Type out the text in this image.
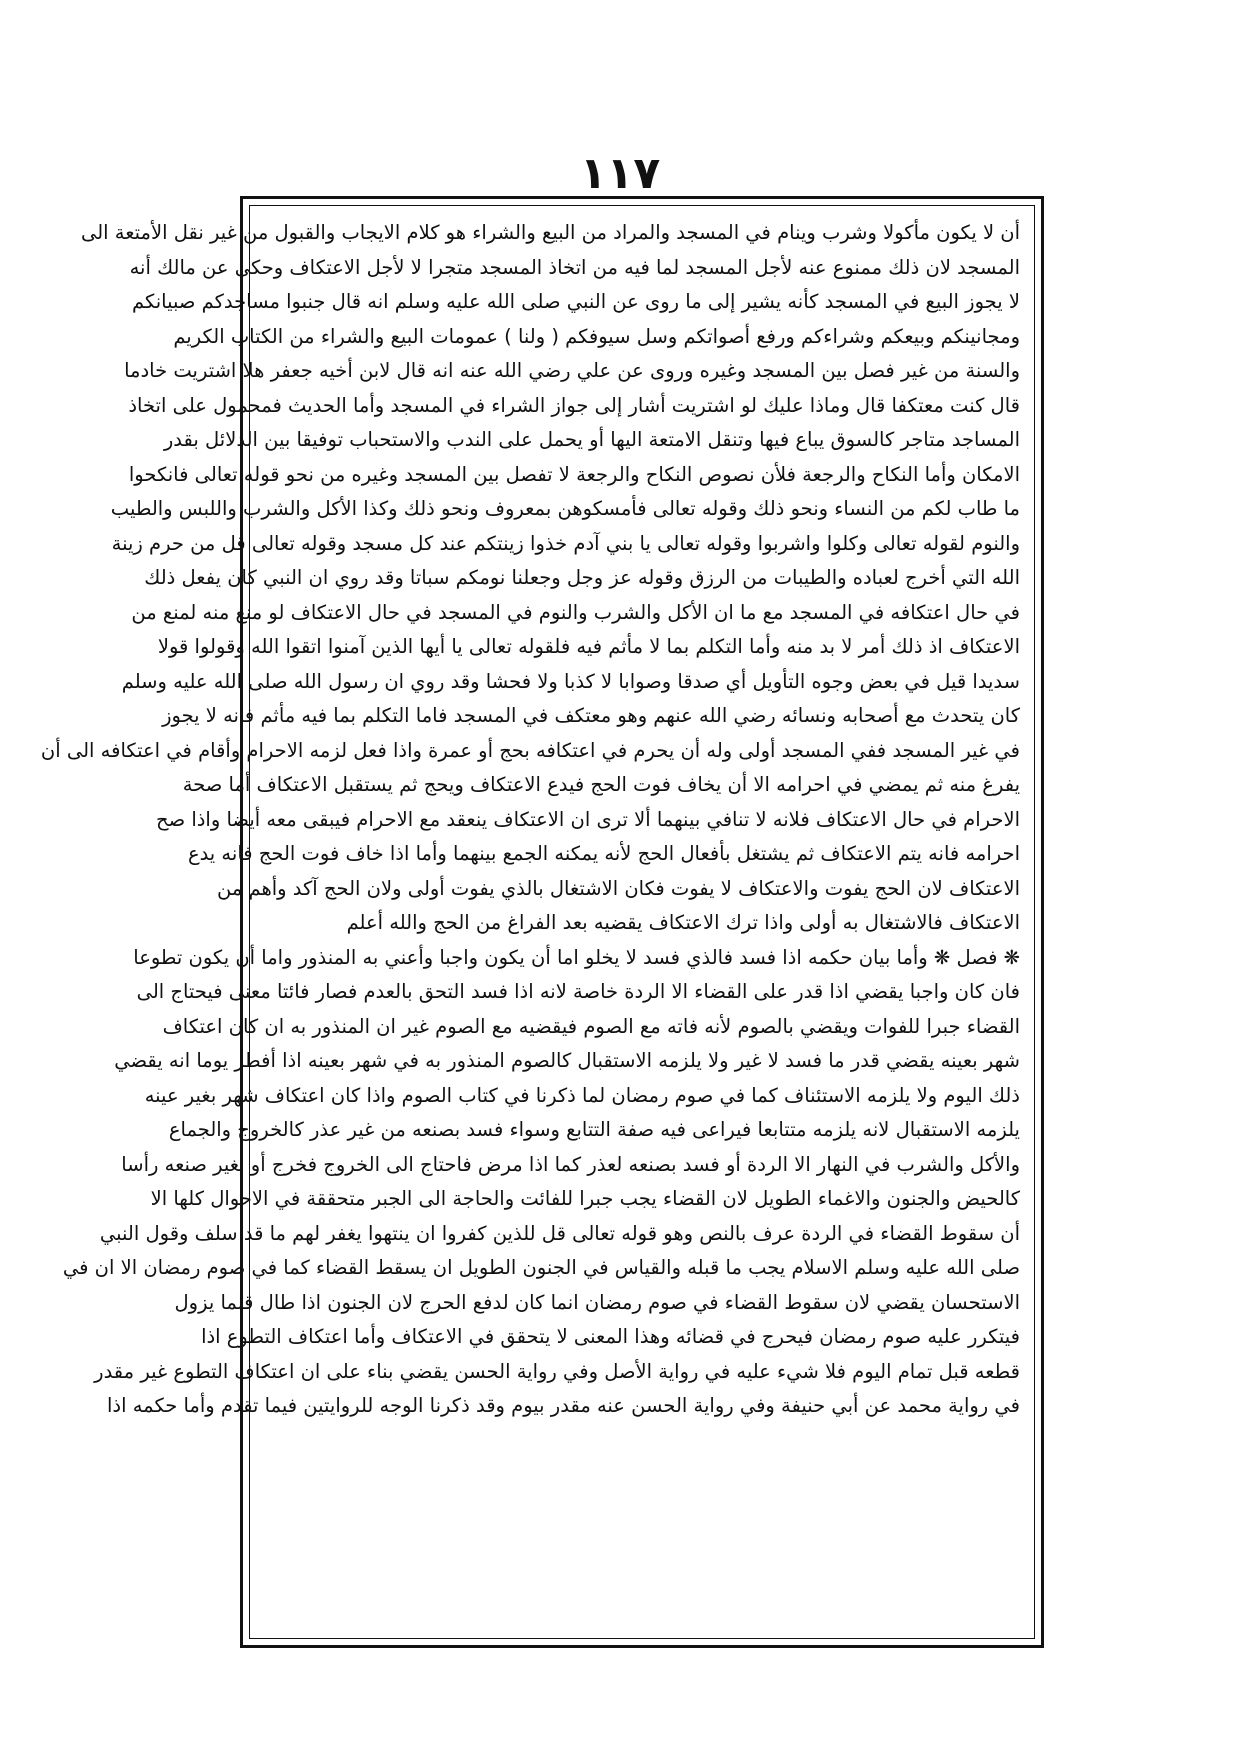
١١٧
أن لا يكون مأكولا وشرب وينام في المسجد والمراد من البيع والشراء هو كلام الايجاب والقبول من غير نقل الأمتعة الى
المسجد لان ذلك ممنوع عنه لأجل المسجد لما فيه من اتخاذ المسجد متجرا لا لأجل الاعتكاف وحكى عن مالك أنه
لا يجوز البيع في المسجد كأنه يشير إلى ما روى عن النبي صلى الله عليه وسلم انه قال جنبوا مساجدكم صبيانكم
ومجانينكم وبيعكم وشراءكم ورفع أصواتكم وسل سيوفكم ( ولنا ) عمومات البيع والشراء من الكتاب الكريم
والسنة من غير فصل بين المسجد وغيره وروى عن علي رضي الله عنه انه قال لابن أخيه جعفر هلا اشتريت خادما
قال كنت معتكفا قال وماذا عليك لو اشتريت أشار إلى جواز الشراء في المسجد وأما الحديث فمحمول على اتخاذ
المساجد متاجر كالسوق يباع فيها وتنقل الامتعة اليها أو يحمل على الندب والاستحباب توفيقا بين الدلائل بقدر
الامكان وأما النكاح والرجعة فلأن نصوص النكاح والرجعة لا تفصل بين المسجد وغيره من نحو قوله تعالى فانكحوا
ما طاب لكم من النساء ونحو ذلك وقوله تعالى فأمسكوهن بمعروف ونحو ذلك وكذا الأكل والشرب واللبس والطيب
والنوم لقوله تعالى وكلوا واشربوا وقوله تعالى يا بني آدم خذوا زينتكم عند كل مسجد وقوله تعالى قل من حرم زينة
الله التي أخرج لعباده والطيبات من الرزق وقوله عز وجل وجعلنا نومكم سباتا وقد روي ان النبي كان يفعل ذلك
في حال اعتكافه في المسجد مع ما ان الأكل والشرب والنوم في المسجد في حال الاعتكاف لو منع منه لمنع من
الاعتكاف اذ ذلك أمر لا بد منه وأما التكلم بما لا مأثم فيه فلقوله تعالى يا أيها الذين آمنوا اتقوا الله وقولوا قولا
سديدا قيل في بعض وجوه التأويل أي صدقا وصوابا لا كذبا ولا فحشا وقد روي ان رسول الله صلى الله عليه وسلم
كان يتحدث مع أصحابه ونسائه رضي الله عنهم وهو معتكف في المسجد فاما التكلم بما فيه مأثم فانه لا يجوز
في غير المسجد ففي المسجد أولى وله أن يحرم في اعتكافه بحج أو عمرة واذا فعل لزمه الاحرام وأقام في اعتكافه الى أن
يفرغ منه ثم يمضي في احرامه الا أن يخاف فوت الحج فيدع الاعتكاف ويحج ثم يستقبل الاعتكاف أما صحة
الاحرام في حال الاعتكاف فلانه لا تنافي بينهما ألا ترى ان الاعتكاف ينعقد مع الاحرام فيبقى معه أيضا واذا صح
احرامه فانه يتم الاعتكاف ثم يشتغل بأفعال الحج لأنه يمكنه الجمع بينهما وأما اذا خاف فوت الحج فانه يدع
الاعتكاف لان الحج يفوت والاعتكاف لا يفوت فكان الاشتغال بالذي يفوت أولى ولان الحج آكد وأهم من
الاعتكاف فالاشتغال به أولى واذا ترك الاعتكاف يقضيه بعد الفراغ من الحج والله أعلم
❋ فصل ❋ وأما بيان حكمه اذا فسد فالذي فسد لا يخلو اما أن يكون واجبا وأعني به المنذور واما أن يكون تطوعا
فان كان واجبا يقضي اذا قدر على القضاء الا الردة خاصة لانه اذا فسد التحق بالعدم فصار فائتا معنى فيحتاج الى
القضاء جبرا للفوات ويقضي بالصوم لأنه فاته مع الصوم فيقضيه مع الصوم غير ان المنذور به ان كان اعتكاف
شهر بعينه يقضي قدر ما فسد لا غير ولا يلزمه الاستقبال كالصوم المنذور به في شهر بعينه اذا أفطر يوما انه يقضي
ذلك اليوم ولا يلزمه الاستئناف كما في صوم رمضان لما ذكرنا في كتاب الصوم واذا كان اعتكاف شهر بغير عينه
يلزمه الاستقبال لانه يلزمه متتابعا فيراعى فيه صفة التتابع وسواء فسد بصنعه من غير عذر كالخروج والجماع
والأكل والشرب في النهار الا الردة أو فسد بصنعه لعذر كما اذا مرض فاحتاج الى الخروج فخرج أو بغير صنعه رأسا
كالحيض والجنون والاغماء الطويل لان القضاء يجب جبرا للفائت والحاجة الى الجبر متحققة في الاحوال كلها الا
أن سقوط القضاء في الردة عرف بالنص وهو قوله تعالى قل للذين كفروا ان ينتهوا يغفر لهم ما قد سلف وقول النبي
صلى الله عليه وسلم الاسلام يجب ما قبله والقياس في الجنون الطويل ان يسقط القضاء كما في صوم رمضان الا ان في
الاستحسان يقضي لان سقوط القضاء في صوم رمضان انما كان لدفع الحرج لان الجنون اذا طال قلما يزول
فيتكرر عليه صوم رمضان فيحرج في قضائه وهذا المعنى لا يتحقق في الاعتكاف وأما اعتكاف التطوع اذا
قطعه قبل تمام اليوم فلا شيء عليه في رواية الأصل وفي رواية الحسن يقضي بناء على ان اعتكاف التطوع غير مقدر
في رواية محمد عن أبي حنيفة وفي رواية الحسن عنه مقدر بيوم وقد ذكرنا الوجه للروايتين فيما تقدم وأما حكمه اذا
